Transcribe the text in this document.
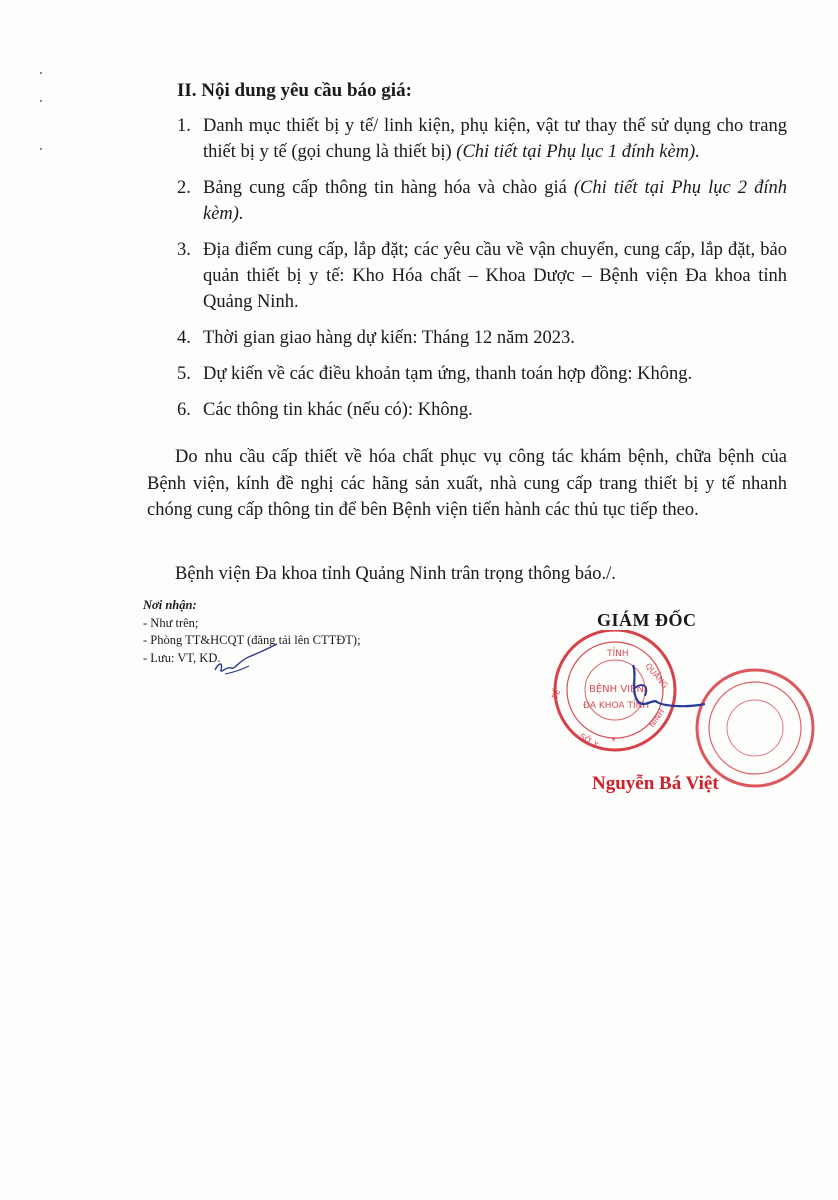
II. Nội dung yêu cầu báo giá:
1. Danh mục thiết bị y tế/ linh kiện, phụ kiện, vật tư thay thế sử dụng cho trang thiết bị y tế (gọi chung là thiết bị) (Chi tiết tại Phụ lục 1 đính kèm).
2. Bảng cung cấp thông tin hàng hóa và chào giá (Chi tiết tại Phụ lục 2 đính kèm).
3. Địa điểm cung cấp, lắp đặt; các yêu cầu về vận chuyển, cung cấp, lắp đặt, bảo quản thiết bị y tế: Kho Hóa chất – Khoa Dược – Bệnh viện Đa khoa tỉnh Quảng Ninh.
4. Thời gian giao hàng dự kiến: Tháng 12 năm 2023.
5. Dự kiến về các điều khoản tạm ứng, thanh toán hợp đồng: Không.
6. Các thông tin khác (nếu có): Không.

Do nhu cầu cấp thiết về hóa chất phục vụ công tác khám bệnh, chữa bệnh của Bệnh viện, kính đề nghị các hãng sản xuất, nhà cung cấp trang thiết bị y tế nhanh chóng cung cấp thông tin để bên Bệnh viện tiến hành các thủ tục tiếp theo.

Bệnh viện Đa khoa tỉnh Quảng Ninh trân trọng thông báo./.

Nơi nhận:
- Như trên;
- Phòng TT&HCQT (đăng tải lên CTTĐT);
- Lưu: VT, KD.
GIÁM ĐỐC
TỈNH
QUẢNG
TẾ	BỆNH VIỆN
ĐA KHOA TỈNH
NINH
SỞ Y *
Nguyễn Bá Việt
